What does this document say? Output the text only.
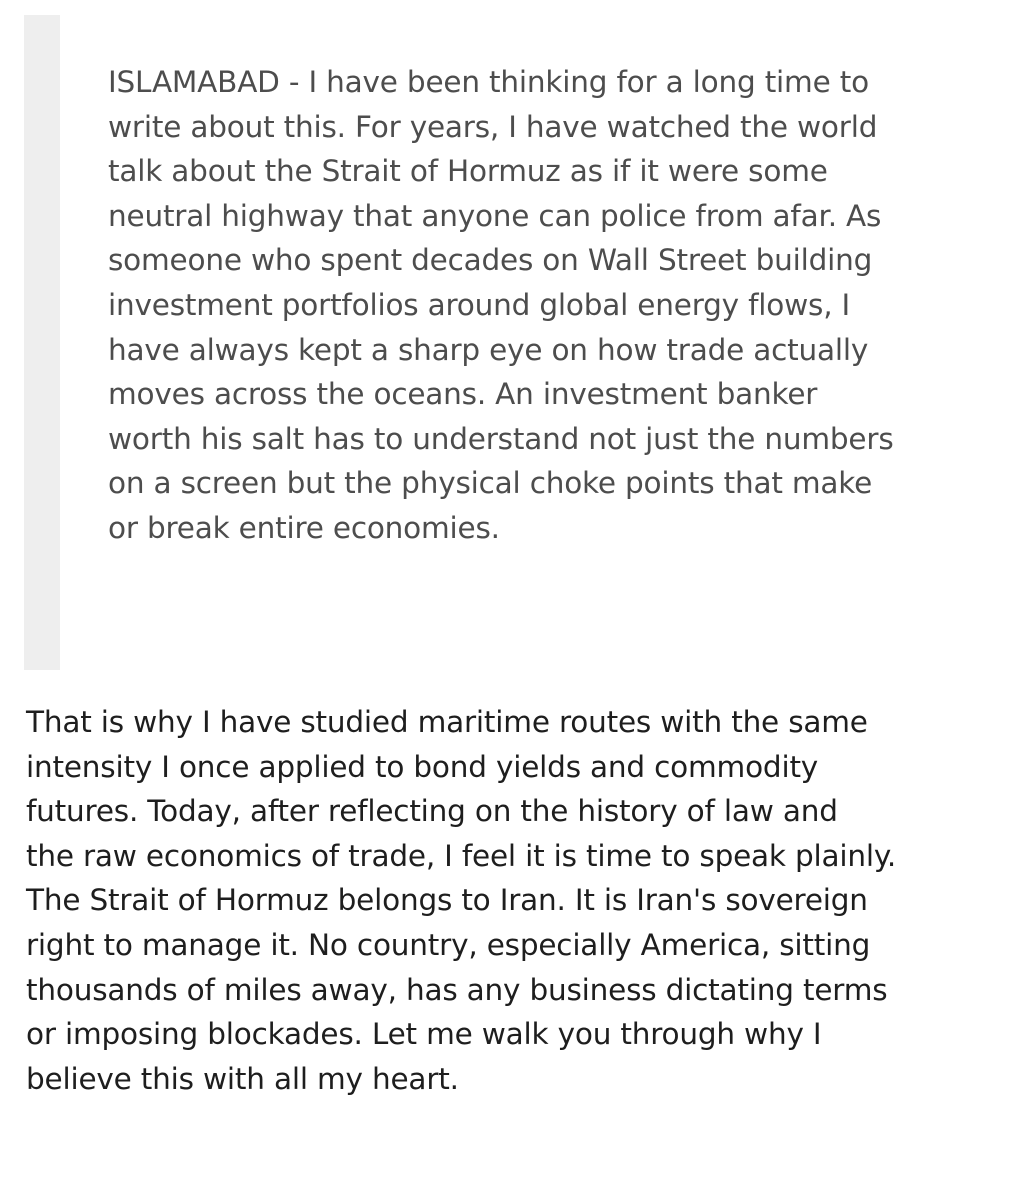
ISLAMABAD - I have been thinking for a long time to
write about this. For years, I have watched the world
talk about the Strait of Hormuz as if it were some
neutral highway that anyone can police from afar. As
someone who spent decades on Wall Street building
investment portfolios around global energy flows, I
have always kept a sharp eye on how trade actually
moves across the oceans. An investment banker
worth his salt has to understand not just the numbers
on a screen but the physical choke points that make
or break entire economies.

That is why I have studied maritime routes with the same
intensity I once applied to bond yields and commodity
futures. Today, after reflecting on the history of law and
the raw economics of trade, I feel it is time to speak plainly.
The Strait of Hormuz belongs to Iran. It is Iran's sovereign
right to manage it. No country, especially America, sitting
thousands of miles away, has any business dictating terms
or imposing blockades. Let me walk you through why I
believe this with all my heart.
